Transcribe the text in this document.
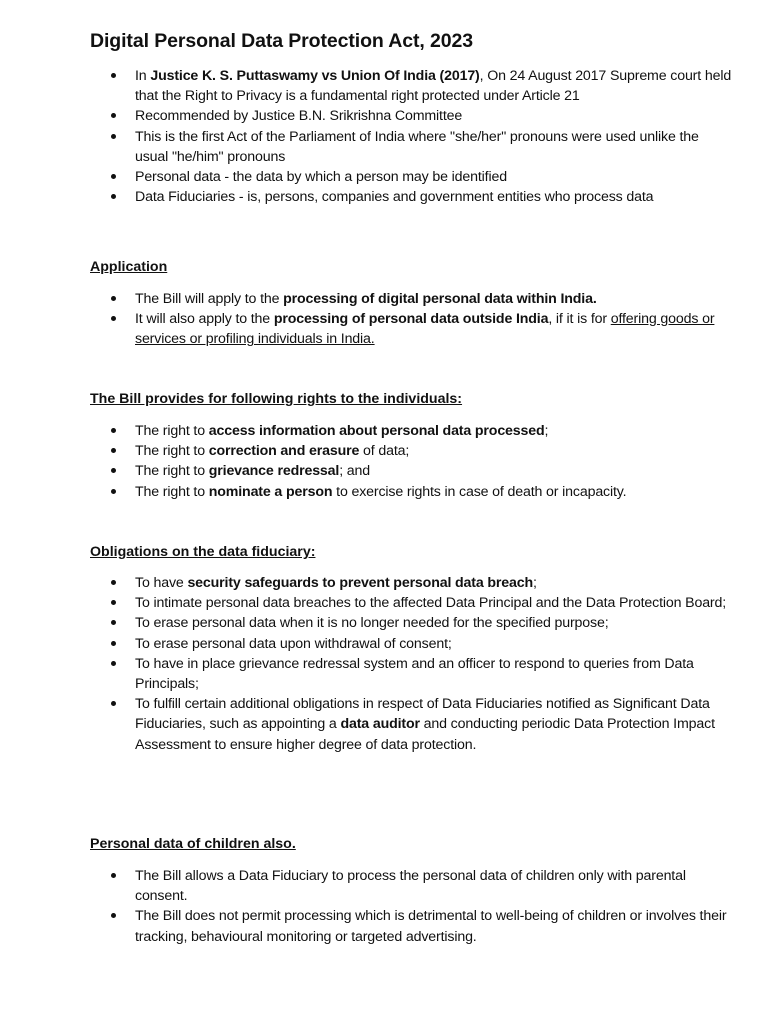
Digital Personal Data Protection Act, 2023
In Justice K. S. Puttaswamy vs Union Of India (2017), On 24 August 2017 Supreme court held that the Right to Privacy is a fundamental right protected under Article 21
Recommended by Justice B.N. Srikrishna Committee
This is the first Act of the Parliament of India where "she/her" pronouns were used unlike the usual "he/him" pronouns
Personal data - the data by which a person may be identified
Data Fiduciaries - is, persons, companies and government entities who process data

Application

The Bill will apply to the processing of digital personal data within India.
It will also apply to the processing of personal data outside India, if it is for offering goods or services or profiling individuals in India.

The Bill provides for following rights to the individuals:

The right to access information about personal data processed;
The right to correction and erasure of data;
The right to grievance redressal; and
The right to nominate a person to exercise rights in case of death or incapacity.

Obligations on the data fiduciary:

To have security safeguards to prevent personal data breach;
To intimate personal data breaches to the affected Data Principal and the Data Protection Board;
To erase personal data when it is no longer needed for the specified purpose;
To erase personal data upon withdrawal of consent;
To have in place grievance redressal system and an officer to respond to queries from Data Principals;
To fulfill certain additional obligations in respect of Data Fiduciaries notified as Significant Data Fiduciaries, such as appointing a data auditor and conducting periodic Data Protection Impact Assessment to ensure higher degree of data protection.

Personal data of children also.

The Bill allows a Data Fiduciary to process the personal data of children only with parental consent.
The Bill does not permit processing which is detrimental to well-being of children or involves their tracking, behavioural monitoring or targeted advertising.
